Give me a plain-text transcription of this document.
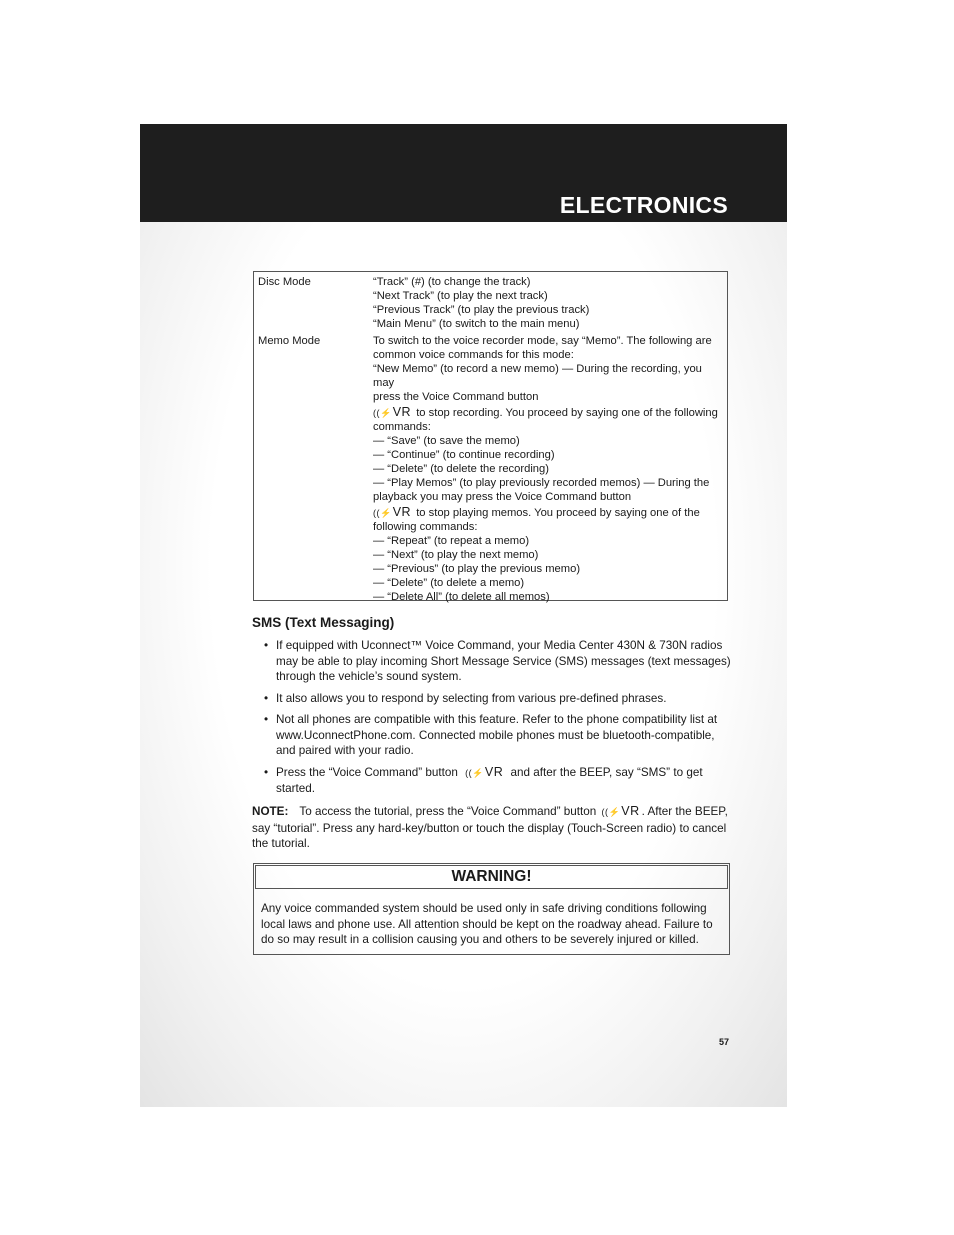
ELECTRONICS
Disc Mode	“Track” (#) (to change the track)
“Next Track” (to play the next track)
“Previous Track” (to play the previous track)
“Main Menu” (to switch to the main menu)
Memo Mode	To switch to the voice recorder mode, say “Memo”. The following are
common voice commands for this mode:
“New Memo” (to record a new memo) — During the recording, you may
press the Voice Command button
((⚡VR to stop recording. You proceed by saying one of the following
commands:
— “Save” (to save the memo)
— “Continue” (to continue recording)
— “Delete” (to delete the recording)
— “Play Memos” (to play previously recorded memos) — During the
playback you may press the Voice Command button
((⚡VR to stop playing memos. You proceed by saying one of the
following commands:
— “Repeat” (to repeat a memo)
— “Next” (to play the next memo)
— “Previous” (to play the previous memo)
— “Delete” (to delete a memo)
— “Delete All” (to delete all memos)
SMS (Text Messaging)
• If equipped with Uconnect™ Voice Command, your Media Center 430N & 730N radios may be able to play incoming Short Message Service (SMS) messages (text messages) through the vehicle’s sound system.
• It also allows you to respond by selecting from various pre-defined phrases.
• Not all phones are compatible with this feature. Refer to the phone compatibility list at www.UconnectPhone.com. Connected mobile phones must be bluetooth-compatible, and paired with your radio.
• Press the “Voice Command” button ((⚡VR and after the BEEP, say “SMS” to get started.
NOTE: To access the tutorial, press the “Voice Command” button ((⚡VR . After the BEEP, say “tutorial”. Press any hard-key/button or touch the display (Touch-Screen radio) to cancel the tutorial.
WARNING!
Any voice commanded system should be used only in safe driving conditions following local laws and phone use. All attention should be kept on the roadway ahead. Failure to do so may result in a collision causing you and others to be severely injured or killed.
57
